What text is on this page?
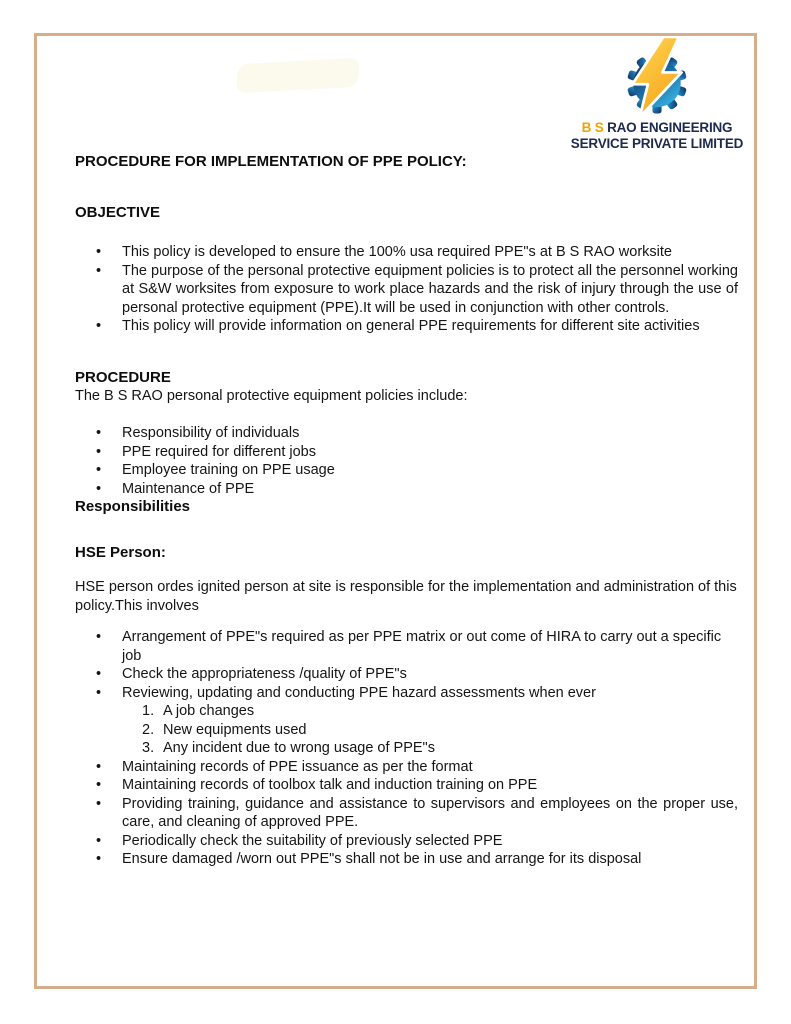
B S RAO ENGINEERING
SERVICE PRIVATE LIMITED
PROCEDURE FOR IMPLEMENTATION OF PPE POLICY:
OBJECTIVE
• This policy is developed to ensure the 100% usa required PPE"s at B S RAO worksite
• The purpose of the personal protective equipment policies is to protect all the personnel working at S&W worksites from exposure to work place hazards and the risk of injury through the use of personal protective equipment (PPE).It will be used in conjunction with other controls.
• This policy will provide information on general PPE requirements for different site activities
PROCEDURE

The B S RAO personal protective equipment policies include:

• Responsibility of individuals
• PPE required for different jobs
• Employee training on PPE usage
• Maintenance of PPE
Responsibilities
HSE Person:

HSE person ordes ignited person at site is responsible for the implementation and administration of this policy.This involves

• Arrangement of PPE"s required as per PPE matrix or out come of HIRA to carry out a specific job
• Check the appropriateness /quality of PPE"s
• Reviewing, updating and conducting PPE hazard assessments when ever
1. A job changes
2. New equipments used
3. Any incident due to wrong usage of PPE"s
• Maintaining records of PPE issuance as per the format
• Maintaining records of toolbox talk and induction training on PPE
• Providing training, guidance and assistance to supervisors and employees on the proper use, care, and cleaning of approved PPE.
• Periodically check the suitability of previously selected PPE
• Ensure damaged /worn out PPE"s shall not be in use and arrange for its disposal
